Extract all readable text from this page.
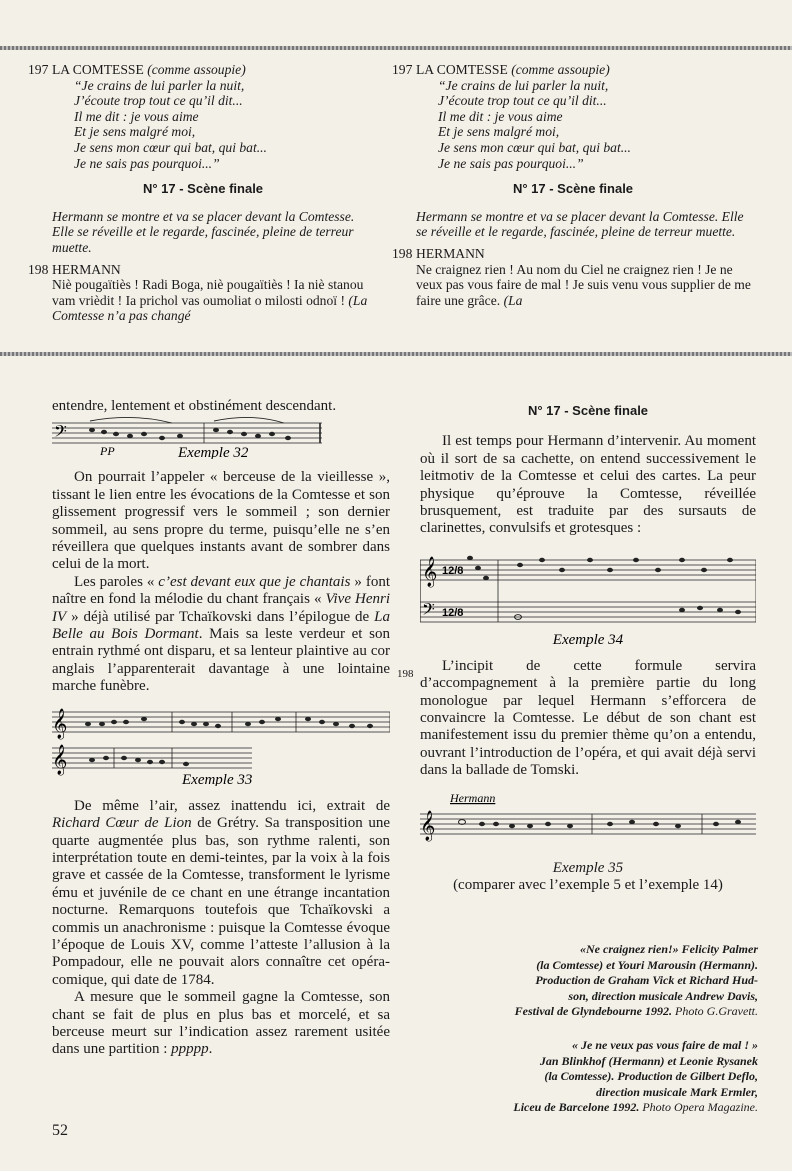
197 LA COMTESSE (comme assoupie)
“Je crains de lui parler la nuit,
J’écoute trop tout ce qu’il dit...
Il me dit : je vous aime
Et je sens malgré moi,
Je sens mon cœur qui bat, qui bat...
Je ne sais pas pourquoi...”
N° 17 - Scène finale
Hermann se montre et va se placer devant la Comtesse. Elle se réveille et le regarde, fascinée, pleine de terreur muette.
198 HERMANN
Niè pougaïtiès ! Radi Boga, niè pougaïtiès ! Ia niè stanou vam vrièdit ! Ia prichol vas oumoliat o milosti odnoï ! (La Comtesse n’a pas changé
197 LA COMTESSE (comme assoupie)
“Je crains de lui parler la nuit,
J’écoute trop tout ce qu’il dit...
Il me dit : je vous aime
Et je sens malgré moi,
Je sens mon cœur qui bat, qui bat...
Je ne sais pas pourquoi...”
N° 17 - Scène finale
Hermann se montre et va se placer devant la Comtesse. Elle se réveille et le regarde, fascinée, pleine de terreur muette.
198 HERMANN
Ne craignez rien ! Au nom du Ciel ne craignez rien ! Je ne veux pas vous faire de mal ! Je suis venu vous supplier de me faire une grâce. (La

entendre, lentement et obstinément descendant.

𝄢
PP	Exemple 32

On pourrait l’appeler « berceuse de la vieillesse », tissant le lien entre les évocations de la Comtesse et son glissement progressif vers le sommeil ; son dernier sommeil, au sens propre du terme, puisqu’elle ne s’en réveillera que quelques instants avant de sombrer dans celui de la mort.

Les paroles « c’est devant eux que je chantais » font naître en fond la mélodie du chant français « Vive Henri IV » déjà utilisé par Tchaïkovski dans l’épilogue de La Belle au Bois Dormant. Mais sa leste verdeur et son entrain rythmé ont disparu, et sa lenteur plaintive au cor anglais l’apparenterait davantage à une lointaine marche funèbre.

𝄞
𝄞
Exemple 33

De même l’air, assez inattendu ici, extrait de Richard Cœur de Lion de Grétry. Sa transposition une quarte augmentée plus bas, son rythme ralenti, son interprétation toute en demi-teintes, par la voix à la fois grave et cassée de la Comtesse, transforment le lyrisme ému et juvénile de ce chant en une étrange incantation nocturne. Remarquons toutefois que Tchaïkovski a commis un anachronisme : puisque la Comtesse évoque l’époque de Louis XV, comme l’atteste l’allusion à la Pompadour, elle ne pouvait alors connaître cet opéra-comique, qui date de 1784.

A mesure que le sommeil gagne la Comtesse, son chant se fait de plus en plus bas et morcelé, et sa berceuse meurt sur l’indication assez rarement usitée dans une partition : ppppp.

N° 17 - Scène finale

Il est temps pour Hermann d’intervenir. Au moment où il sort de sa cachette, on entend successivement le leitmotiv de la Comtesse et celui des cartes. La peur physique qu’éprouve la Comtesse, réveillée brusquement, est traduite par des sursauts de clarinettes, convulsifs et grotesques :

𝄞
𝄢
12/8
12/8
Exemple 34

L’incipit de cette formule servira d’accompagnement à la première partie du long monologue par lequel Hermann s’efforcera de convaincre la Comtesse. Le début de son chant est manifestement issu du premier thème qu’on a entendu, ouvrant l’introduction de l’opéra, et qui avait déjà servi dans la ballade de Tomski.

Hermann
𝄞
Exemple 35

(comparer avec l’exemple 5 et l’exemple 14)

198
«Ne craignez rien!» Felicity Palmer
(la Comtesse) et Youri Marousin (Hermann).
Production de Graham Vick et Richard Hud-
son, direction musicale Andrew Davis,
Festival de Glyndebourne 1992. Photo G.Gravett.
« Je ne veux pas vous faire de mal ! »
Jan Blinkhof (Hermann) et Leonie Rysanek
(la Comtesse). Production de Gilbert Deflo,
direction musicale Mark Ermler,
Liceu de Barcelone 1992. Photo Opera Magazine.
52
